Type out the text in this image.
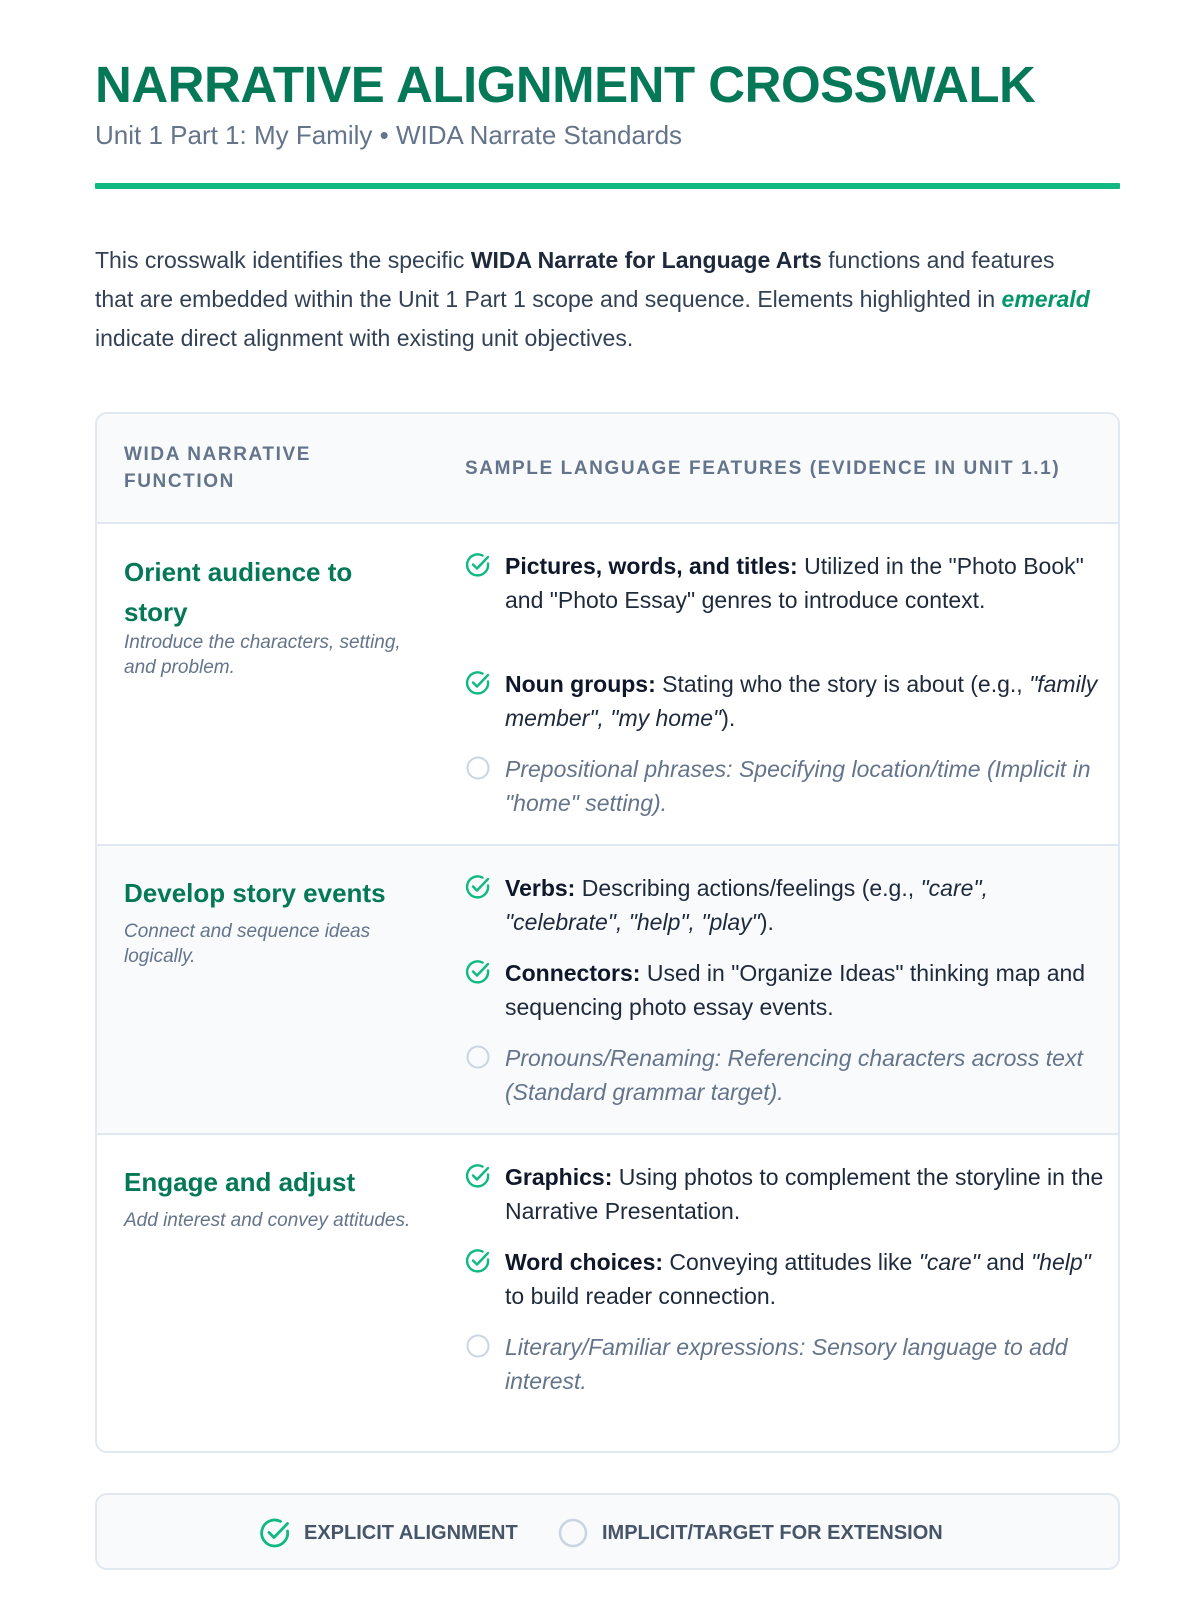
NARRATIVE ALIGNMENT CROSSWALK
Unit 1 Part 1: My Family • WIDA Narrate Standards

This crosswalk identifies the specific WIDA Narrate for Language Arts functions and features that are embedded within the Unit 1 Part 1 scope and sequence. Elements highlighted in emerald indicate direct alignment with existing unit objectives.

WIDA NARRATIVE FUNCTION
SAMPLE LANGUAGE FEATURES (EVIDENCE IN UNIT 1.1)
Orient audience to story
Introduce the characters, setting, and problem.
Pictures, words, and titles: Utilized in the "Photo Book" and "Photo Essay" genres to introduce context.
Noun groups: Stating who the story is about (e.g., "family member", "my home").
Prepositional phrases: Specifying location/time (Implicit in "home" setting).
Develop story events
Connect and sequence ideas logically.
Verbs: Describing actions/feelings (e.g., "care", "celebrate", "help", "play").
Connectors: Used in "Organize Ideas" thinking map and sequencing photo essay events.
Pronouns/Renaming: Referencing characters across text (Standard grammar target).
Engage and adjust
Add interest and convey attitudes.
Graphics: Using photos to complement the storyline in the Narrative Presentation.
Word choices: Conveying attitudes like "care" and "help" to build reader connection.
Literary/Familiar expressions: Sensory language to add interest.
EXPLICIT ALIGNMENT	IMPLICIT/TARGET FOR EXTENSION
